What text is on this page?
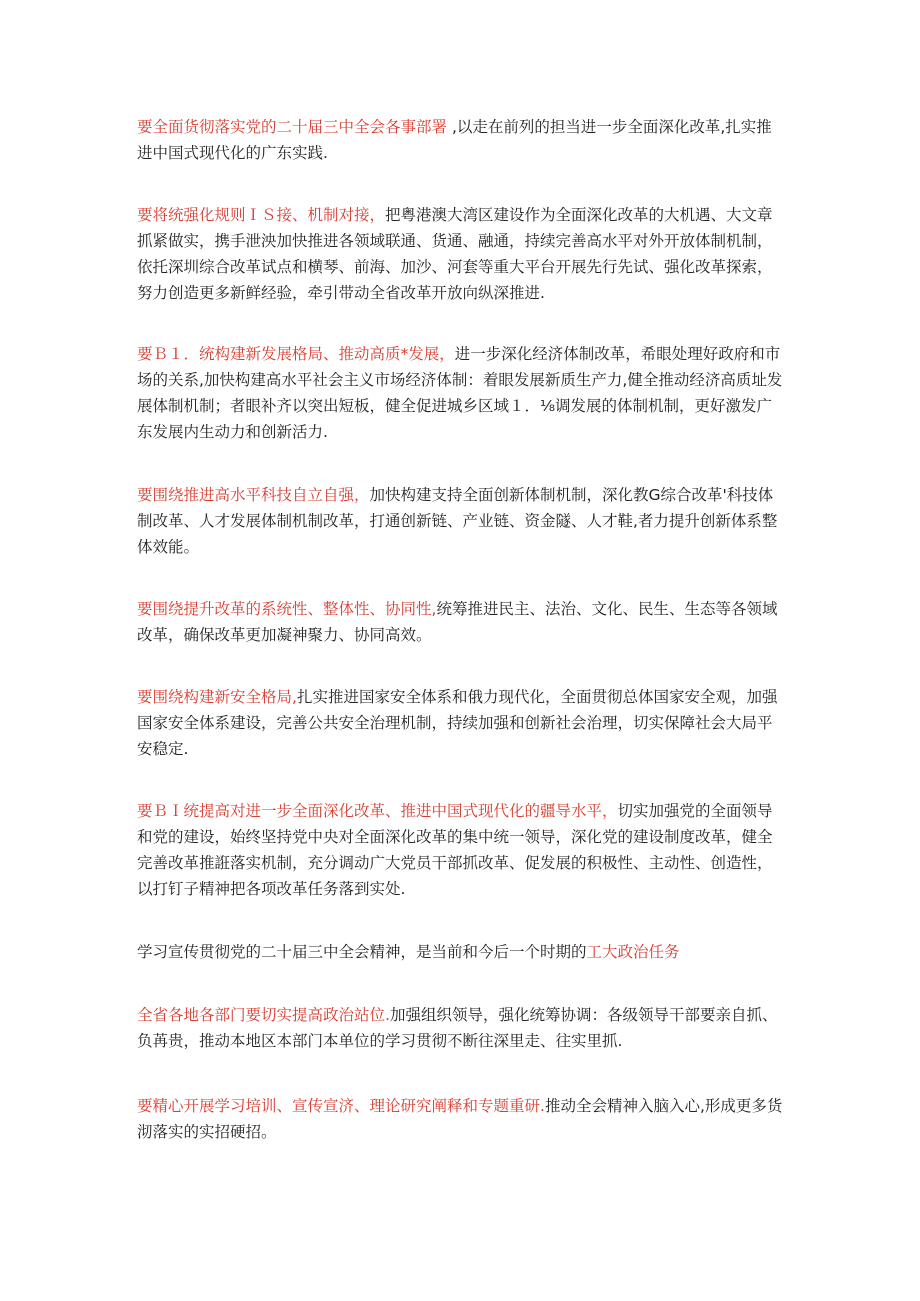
要全面货彻落实党的二十届三中全会各事部署 ,以走在前列的担当进一步全面深化改革,扎实推进中国式现代化的广东实践.

要将统强化规则ＩＳ接、机制对接，把粤港澳大湾区建设作为全面深化改革的大机遇、大文章抓紧做实，携手泄泱加快推进各领域联通、货通、融通，持续完善高水平对外开放体制机制，依托深圳综合改革试点和横琴、前海、加沙、河套等重大平台开展先行先试、强化改革探索，努力创造更多新鲜经验，牵引带动全省改革开放向纵深推进.

要Ｂ１．统构建新发展格局、推动高质*发展，进一步深化经济体制改革，希眼处理好政府和市场的关系,加快构建高水平社会主义市场经济体制：着眼发展新质生产力,健全推动经济高质址发展体制机制；者眼补齐以突出短板，健全促进城乡区域１．⅛调发展的体制机制，更好激发广东发展内生动力和创新活力.

要围绕推进高水平科技自立自强，加快构建支持全面创新体制机制，深化教G综合改革'科技体制改革、人才发展体制机制改革，打通创新链、产业链、资金隧、人才鞋,者力提升创新体系整体效能。

要围绕提升改革的系统性、整体性、协同性,统筹推进民主、法治、文化、民生、生态等各领域改革，确保改革更加凝神聚力、协同高效。

要围绕构建新安全格局,扎实推进国家安全体系和俄力现代化，全面贯彻总体国家安全观，加强国家安全体系建设，完善公共安全治理机制，持续加强和创新社会治理，切实保障社会大局平安稳定.

要ＢＩ统提高对进一步全面深化改革、推进中国式现代化的疆导水平，切实加强党的全面领导和党的建设，始终坚持党中央对全面深化改革的集中统一领导，深化党的建设制度改革，健全完善改革推誑落实机制，充分调动广大党员干部抓改革、促发展的积极性、主动性、创造性，以打钉子精神把各项改革任务落到实处.

学习宣传贯彻党的二十届三中全会精神，是当前和今后一个时期的工大政治任务

全省各地各部门要切实提高政治站位.加强组织领导，强化统筹协调：各级领导干部要亲自抓、负苒贵，推动本地区本部门本单位的学习贯彻不断往深里走、往实里抓.

要精心开展学习培训、宣传宣济、理论研究阐释和专题重研.推动全会精神入脑入心,形成更多货沏落实的实招硬招。
